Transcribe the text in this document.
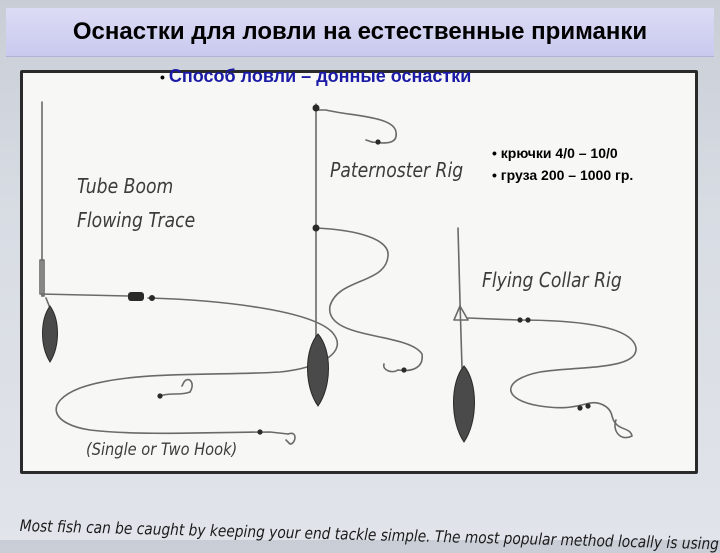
Оснастки для ловли на естественные приманки
• Способ ловли – донные оснастки
Tube Boom
Flowing Trace
(Single or Two Hook)
Paternoster Rig
Flying Collar Rig
• крючки 4/0 – 10/0
• груза 200 – 1000 гр.
Most fish can be caught by keeping your end tackle simple. The most popular method locally is using
